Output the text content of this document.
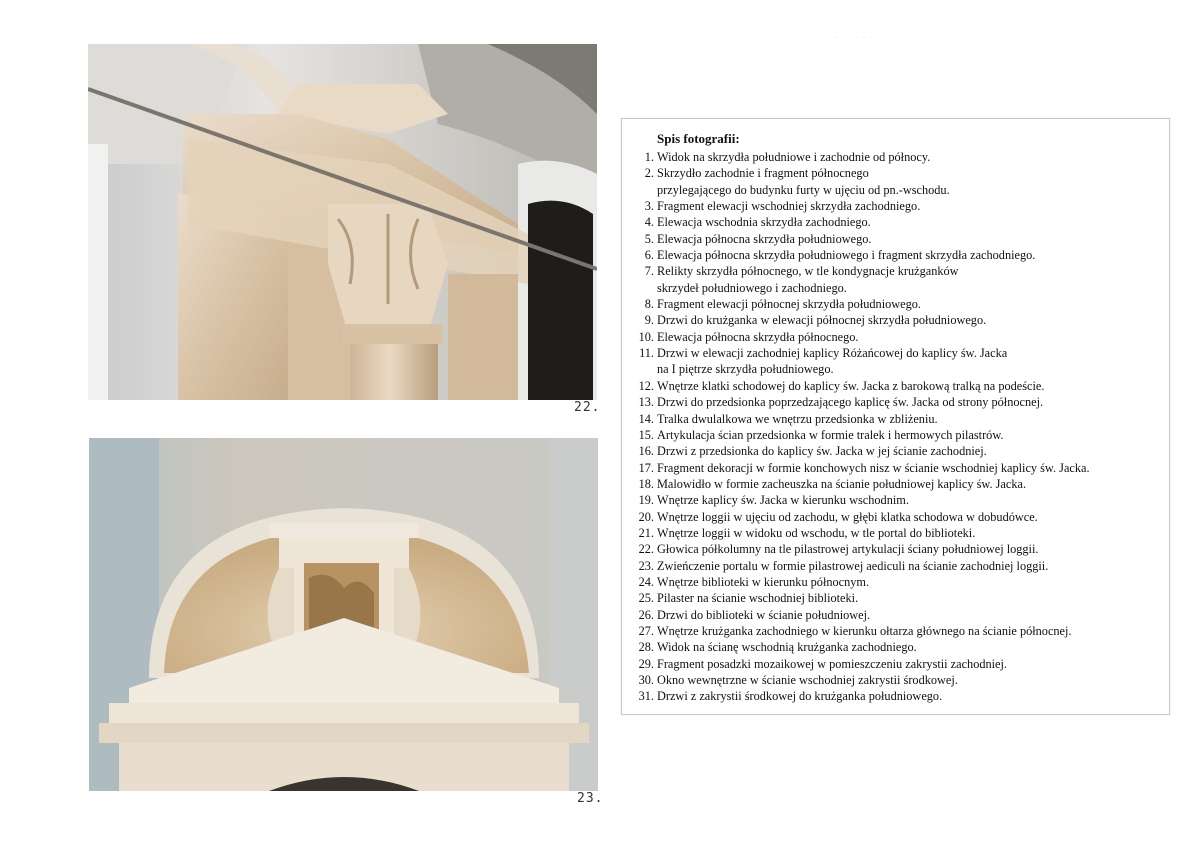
22.
23.
· · · · · · · · ·
Spis fotografii:
1. Widok na skrzydła południowe i zachodnie od północy.
2. Skrzydło zachodnie i fragment północnego
przylegającego do budynku furty w ujęciu od pn.-wschodu.
3. Fragment elewacji wschodniej skrzydła zachodniego.
4. Elewacja wschodnia skrzydła zachodniego.
5. Elewacja północna skrzydła południowego.
6. Elewacja północna skrzydła południowego i fragment skrzydła zachodniego.
7. Relikty skrzydła północnego, w tle kondygnacje krużganków
skrzydeł południowego i zachodniego.
8. Fragment elewacji północnej skrzydła południowego.
9. Drzwi do krużganka w elewacji północnej skrzydła południowego.
10. Elewacja północna skrzydła północnego.
11. Drzwi w elewacji zachodniej kaplicy Różańcowej do kaplicy św. Jacka
na I piętrze skrzydła południowego.
12. Wnętrze klatki schodowej do kaplicy św. Jacka z barokową tralką na podeście.
13. Drzwi do przedsionka poprzedzającego kaplicę św. Jacka od strony północnej.
14. Tralka dwulalkowa we wnętrzu przedsionka w zbliżeniu.
15. Artykulacja ścian przedsionka w formie tralek i hermowych pilastrów.
16. Drzwi z przedsionka do kaplicy św. Jacka w jej ścianie zachodniej.
17. Fragment dekoracji w formie konchowych nisz w ścianie wschodniej kaplicy św. Jacka.
18. Malowidło w formie zacheuszka na ścianie południowej kaplicy św. Jacka.
19. Wnętrze kaplicy św. Jacka w kierunku wschodnim.
20. Wnętrze loggii w ujęciu od zachodu, w głębi klatka schodowa w dobudówce.
21. Wnętrze loggii w widoku od wschodu, w tle portal do biblioteki.
22. Głowica półkolumny na tle pilastrowej artykulacji ściany południowej loggii.
23. Zwieńczenie portalu w formie pilastrowej aediculi na ścianie zachodniej loggii.
24. Wnętrze biblioteki w kierunku północnym.
25. Pilaster na ścianie wschodniej biblioteki.
26. Drzwi do biblioteki w ścianie południowej.
27. Wnętrze krużganka zachodniego w kierunku ołtarza głównego na ścianie północnej.
28. Widok na ścianę wschodnią krużganka zachodniego.
29. Fragment posadzki mozaikowej w pomieszczeniu zakrystii zachodniej.
30. Okno wewnętrzne w ścianie wschodniej zakrystii środkowej.
31. Drzwi z zakrystii środkowej do krużganka południowego.
